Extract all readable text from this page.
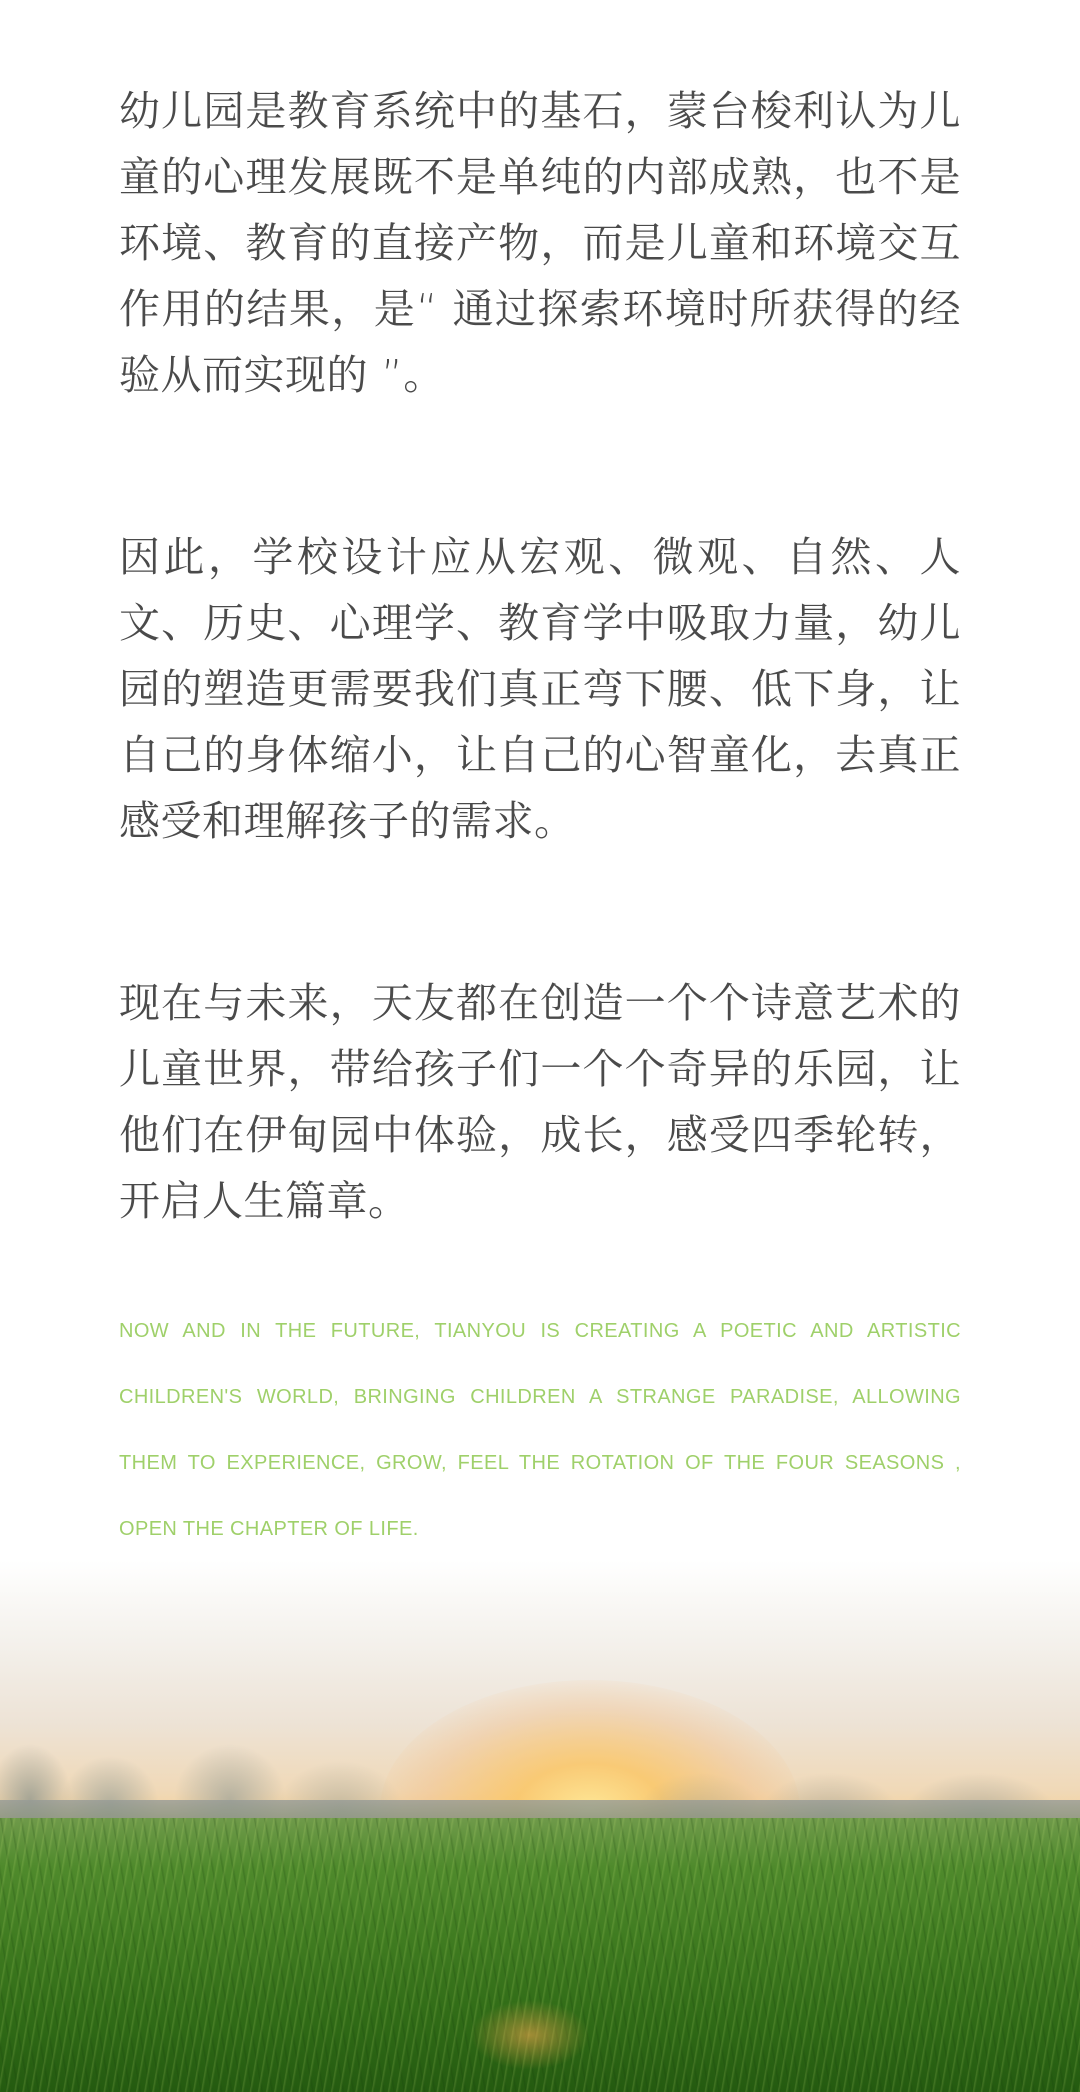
幼儿园是教育系统中的基石，蒙台梭利认为儿童的心理发展既不是单纯的内部成熟，也不是环境、教育的直接产物，而是儿童和环境交互作用的结果，是“ 通过探索环境时所获得的经验从而实现的 ”。

因此，学校设计应从宏观、微观、自然、人文、历史、心理学、教育学中吸取力量，幼儿园的塑造更需要我们真正弯下腰、低下身，让自己的身体缩小，让自己的心智童化，去真正感受和理解孩子的需求。

现在与未来，天友都在创造一个个诗意艺术的儿童世界，带给孩子们一个个奇异的乐园，让他们在伊甸园中体验，成长，感受四季轮转，开启人生篇章。

NOW AND IN THE FUTURE, TIANYOU IS CREATING A POETIC AND ARTISTIC CHILDREN'S WORLD, BRINGING CHILDREN A STRANGE PARADISE, ALLOWING THEM TO EXPERIENCE, GROW, FEEL THE ROTATION OF THE FOUR SEASONS , OPEN THE CHAPTER OF LIFE.
